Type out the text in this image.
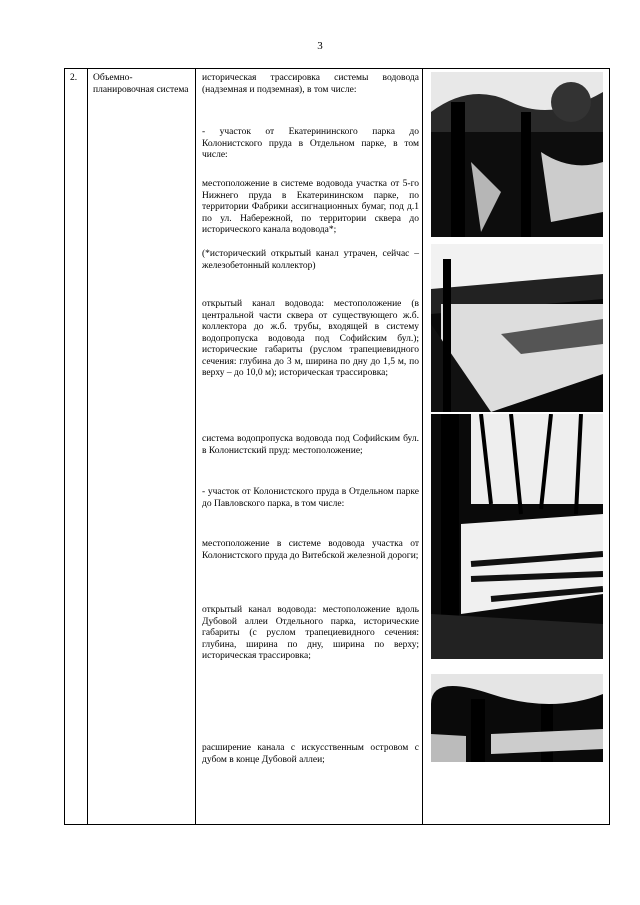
3
2. Объемно-планировочная система
историческая трассировка системы водовода (надземная и подземная), в том числе:
- участок от Екатерининского парка до Колонистского пруда в Отдельном парке, в том числе:
местоположение в системе водовода участка от 5-го Нижнего пруда в Екатерининском парке, по территории Фабрики ассигнационных бумаг, под д.1 по ул. Набережной, по территории сквера до исторического канала водовода*;
(*исторический открытый канал утрачен, сейчас – железобетонный коллектор)
открытый канал водовода: местоположение (в центральной части сквера от существующего ж.б. коллектора до ж.б. трубы, входящей в систему водопропуска водовода под Софийским бул.); исторические габариты (руслом трапециевидного сечения: глубина до 3 м, ширина по дну до 1,5 м, по верху – до 10,0 м); историческая трассировка;
система водопропуска водовода под Софийским бул. в Колонистский пруд: местоположение;
- участок от Колонистского пруда в Отдельном парке до Павловского парка, в том числе:
местоположение в системе водовода участка от Колонистского пруда до Витебской железной дороги;
открытый канал водовода: местоположение вдоль Дубовой аллеи Отдельного парка, исторические габариты (с руслом трапециевидного сечения: глубина, ширина по дну, ширина по верху; историческая трассировка;
расширение канала с искусственным островом с дубом в конце Дубовой аллеи;
